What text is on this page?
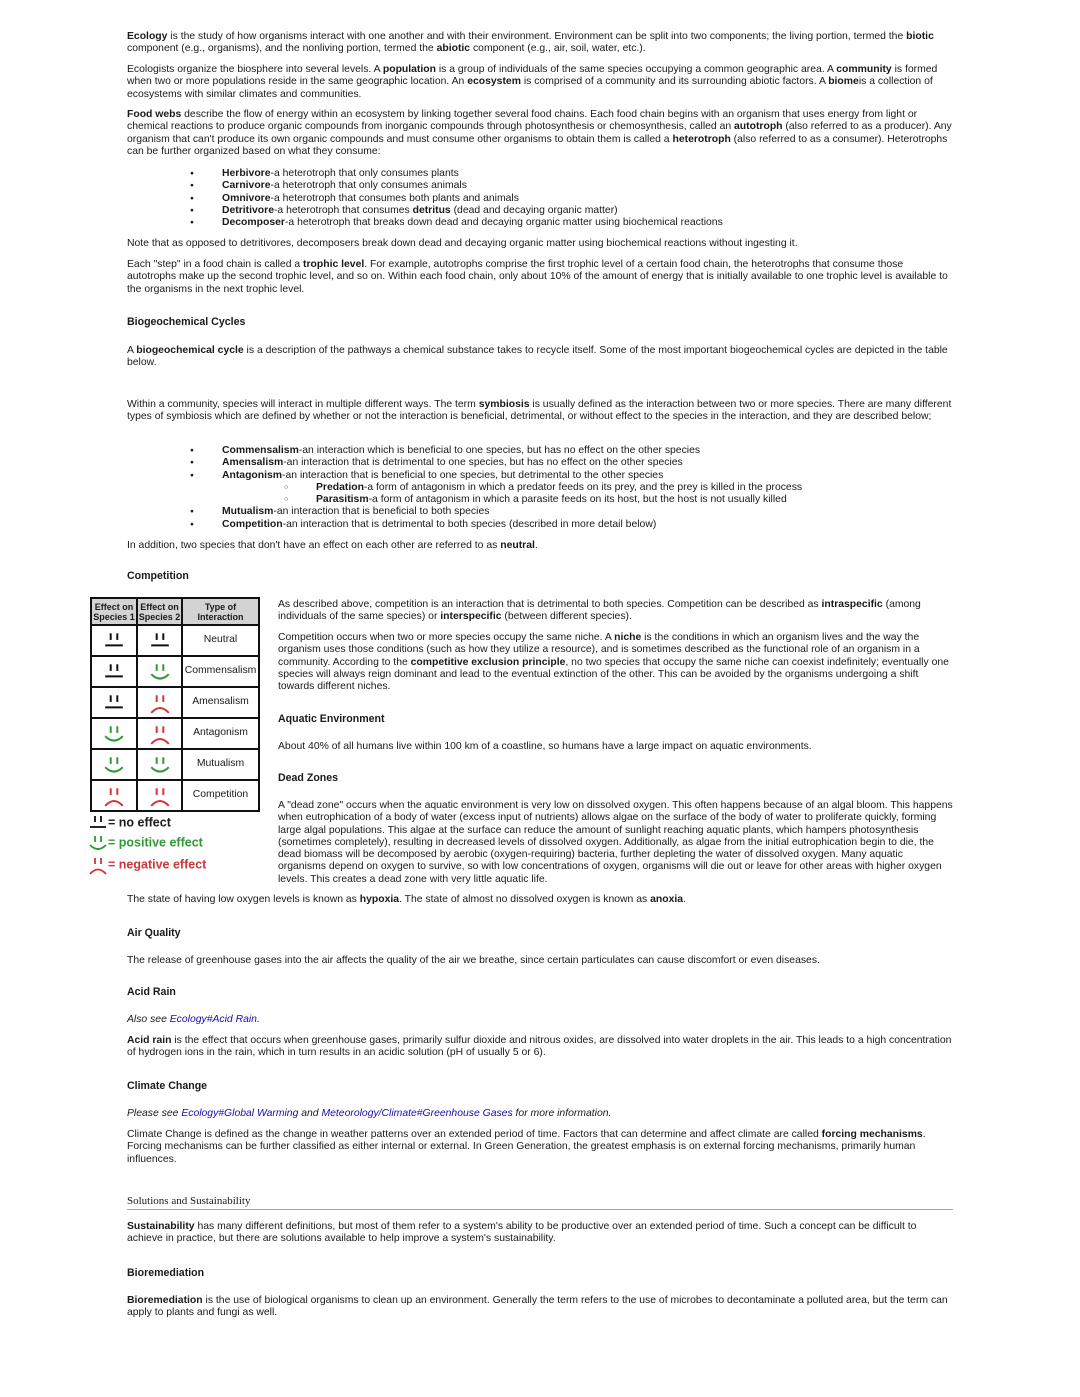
Ecology is the study of how organisms interact with one another and with their environment. Environment can be split into two components; the living portion, termed the biotic component (e.g., organisms), and the nonliving portion, termed the abiotic component (e.g., air, soil, water, etc.).
Ecologists organize the biosphere into several levels. A population is a group of individuals of the same species occupying a common geographic area. A community is formed when two or more populations reside in the same geographic location. An ecosystem is comprised of a community and its surrounding abiotic factors. A biomeis a collection of ecosystems with similar climates and communities.
Food webs describe the flow of energy within an ecosystem by linking together several food chains. Each food chain begins with an organism that uses energy from light or chemical reactions to produce organic compounds from inorganic compounds through photosynthesis or chemosynthesis, called an autotroph (also referred to as a producer). Any organism that can't produce its own organic compounds and must consume other organisms to obtain them is called a heterotroph (also referred to as a consumer). Heterotrophs can be further organized based on what they consume:
● Herbivore-a heterotroph that only consumes plants
● Carnivore-a heterotroph that only consumes animals
● Omnivore-a heterotroph that consumes both plants and animals
● Detritivore-a heterotroph that consumes detritus (dead and decaying organic matter)
● Decomposer-a heterotroph that breaks down dead and decaying organic matter using biochemical reactions
Note that as opposed to detritivores, decomposers break down dead and decaying organic matter using biochemical reactions without ingesting it.
Each "step" in a food chain is called a trophic level. For example, autotrophs comprise the first trophic level of a certain food chain, the heterotrophs that consume those autotrophs make up the second trophic level, and so on. Within each food chain, only about 10% of the amount of energy that is initially available to one trophic level is available to the organisms in the next trophic level.
Biogeochemical Cycles
A biogeochemical cycle is a description of the pathways a chemical substance takes to recycle itself. Some of the most important biogeochemical cycles are depicted in the table below.
Within a community, species will interact in multiple different ways. The term symbiosis is usually defined as the interaction between two or more species. There are many different types of symbiosis which are defined by whether or not the interaction is beneficial, detrimental, or without effect to the species in the interaction, and they are described below;
● Commensalism-an interaction which is beneficial to one species, but has no effect on the other species
● Amensalism-an interaction that is detrimental to one species, but has no effect on the other species
● Antagonism-an interaction that is beneficial to one species, but detrimental to the other species
○ Predation-a form of antagonism in which a predator feeds on its prey, and the prey is killed in the process
○ Parasitism-a form of antagonism in which a parasite feeds on its host, but the host is not usually killed
● Mutualism-an interaction that is beneficial to both species
● Competition-an interaction that is detrimental to both species (described in more detail below)
In addition, two species that don't have an effect on each other are referred to as neutral.
Competition
Effect on Species 1	Effect on Species 2	Type of Interaction

	Neutral

	Commensalism

	Amensalism

	Antagonism

	Mutualism

	Competition
= no effect
= positive effect
= negative effect
As described above, competition is an interaction that is detrimental to both species. Competition can be described as intraspecific (among individuals of the same species) or interspecific (between different species).
Competition occurs when two or more species occupy the same niche. A niche is the conditions in which an organism lives and the way the organism uses those conditions (such as how they utilize a resource), and is sometimes described as the functional role of an organism in a community. According to the competitive exclusion principle, no two species that occupy the same niche can coexist indefinitely; eventually one species will always reign dominant and lead to the eventual extinction of the other. This can be avoided by the organisms undergoing a shift towards different niches.
Aquatic Environment
About 40% of all humans live within 100 km of a coastline, so humans have a large impact on aquatic environments.
Dead Zones
A "dead zone" occurs when the aquatic environment is very low on dissolved oxygen. This often happens because of an algal bloom. This happens when eutrophication of a body of water (excess input of nutrients) allows algae on the surface of the body of water to proliferate quickly, forming large algal populations. This algae at the surface can reduce the amount of sunlight reaching aquatic plants, which hampers photosynthesis (sometimes completely), resulting in decreased levels of dissolved oxygen. Additionally, as algae from the initial eutrophication begin to die, the dead biomass will be decomposed by aerobic (oxygen-requiring) bacteria, further depleting the water of dissolved oxygen. Many aquatic organisms depend on oxygen to survive, so with low concentrations of oxygen, organisms will die out or leave for other areas with higher oxygen levels. This creates a dead zone with very little aquatic life.
The state of having low oxygen levels is known as hypoxia. The state of almost no dissolved oxygen is known as anoxia.
Air Quality
The release of greenhouse gases into the air affects the quality of the air we breathe, since certain particulates can cause discomfort or even diseases.
Acid Rain
Also see Ecology#Acid Rain.
Acid rain is the effect that occurs when greenhouse gases, primarily sulfur dioxide and nitrous oxides, are dissolved into water droplets in the air. This leads to a high concentration of hydrogen ions in the rain, which in turn results in an acidic solution (pH of usually 5 or 6).
Climate Change
Please see Ecology#Global Warming and Meteorology/Climate#Greenhouse Gases for more information.
Climate Change is defined as the change in weather patterns over an extended period of time. Factors that can determine and affect climate are called forcing mechanisms. Forcing mechanisms can be further classified as either internal or external. In Green Generation, the greatest emphasis is on external forcing mechanisms, primarily human influences.
Solutions and Sustainability
Sustainability has many different definitions, but most of them refer to a system's ability to be productive over an extended period of time. Such a concept can be difficult to achieve in practice, but there are solutions available to help improve a system's sustainability.
Bioremediation
Bioremediation is the use of biological organisms to clean up an environment. Generally the term refers to the use of microbes to decontaminate a polluted area, but the term can apply to plants and fungi as well.
